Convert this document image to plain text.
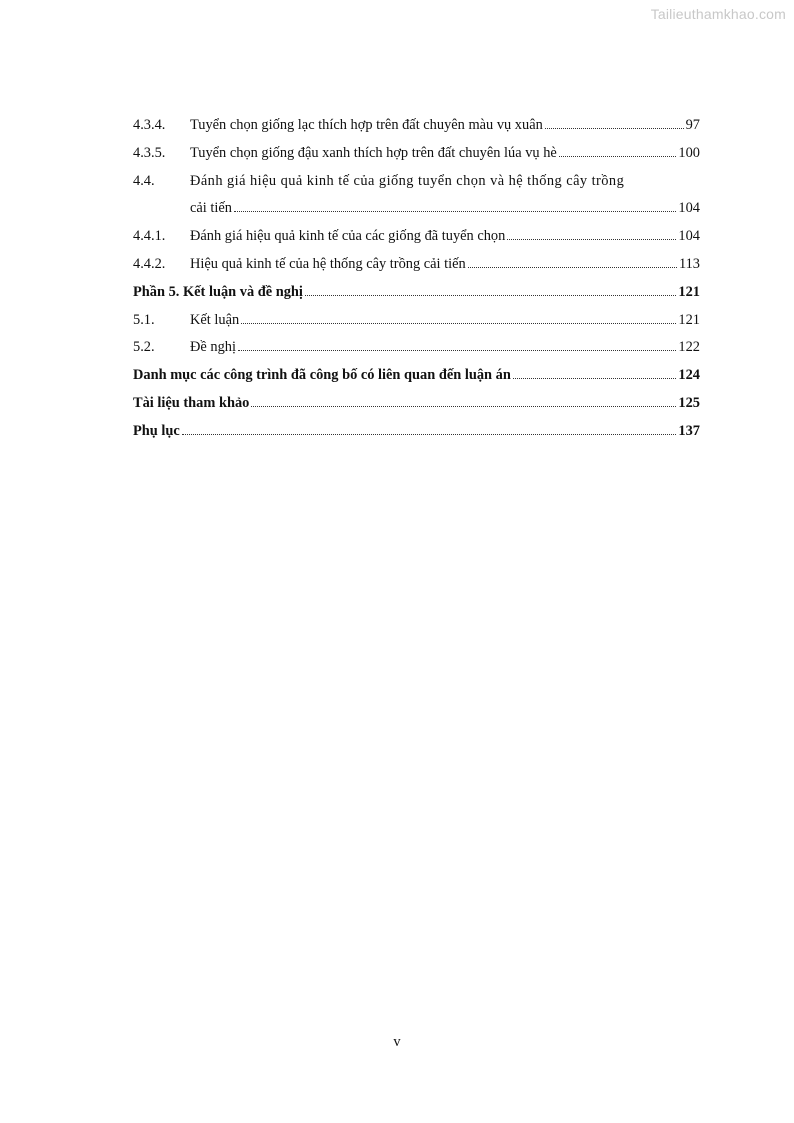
Tailieuthamkhao.com
4.3.4.	Tuyển chọn giống lạc thích hợp trên đất chuyên màu vụ xuân	97
4.3.5.	Tuyển chọn giống đậu xanh thích hợp trên đất chuyên lúa vụ hè	100
4.4.	Đánh giá hiệu quả kinh tế của giống tuyển chọn và hệ thống cây trồng
cải tiến	104
4.4.1.	Đánh giá hiệu quả kinh tế của các giống đã tuyển chọn	104
4.4.2.	Hiệu quả kinh tế của hệ thống cây trồng cải tiến	113
Phần 5. Kết luận và đề nghị	121
5.1.	Kết luận	121
5.2.	Đề nghị	122
Danh mục các công trình đã công bố có liên quan đến luận án	124
Tài liệu tham khảo	125
Phụ lục	137
v
